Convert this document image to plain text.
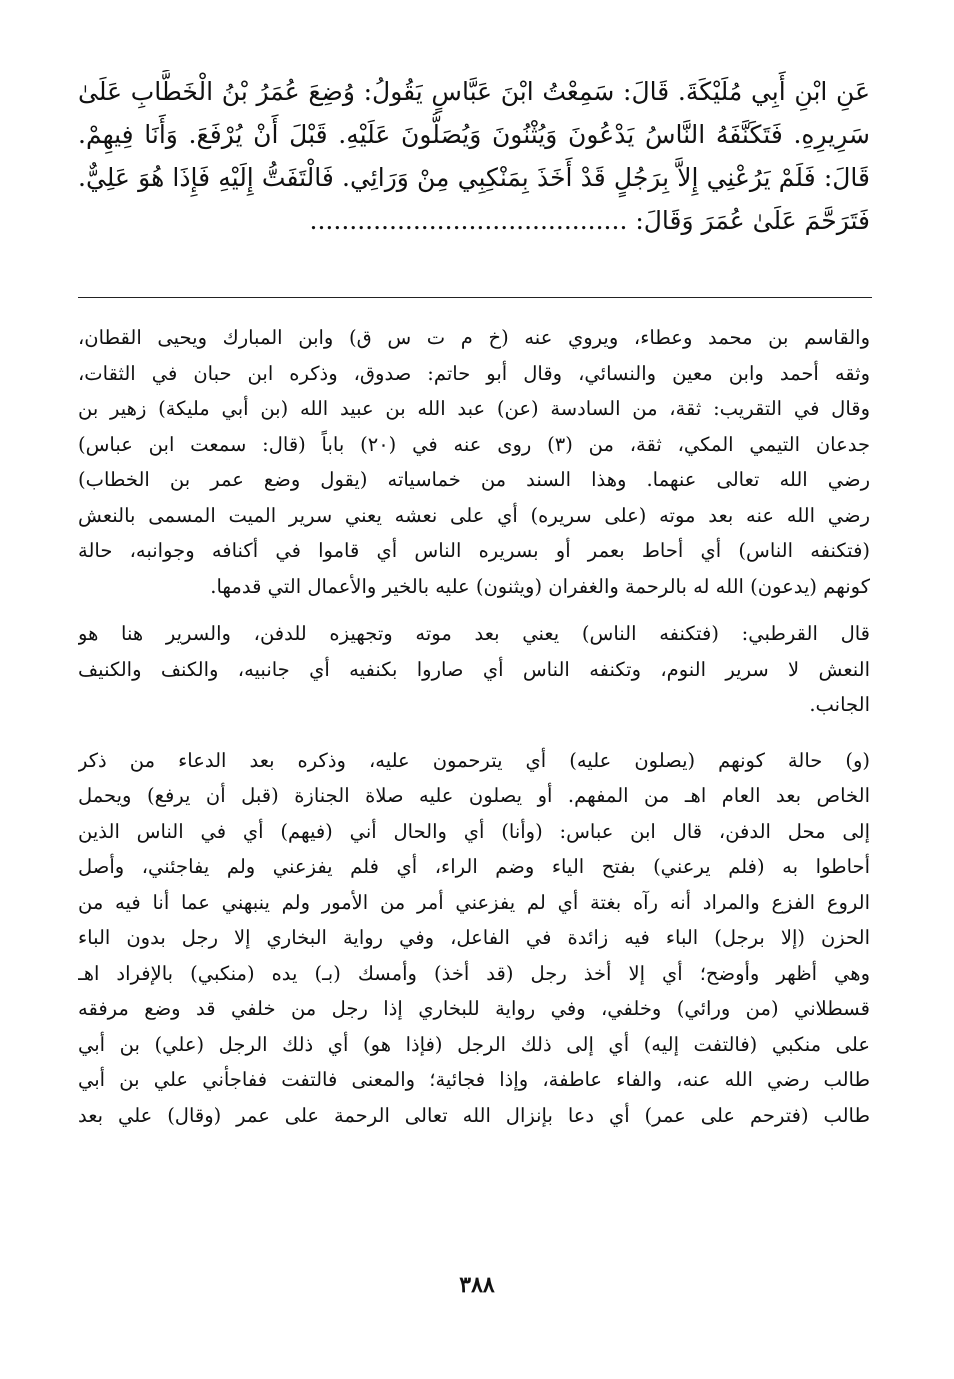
عَنِ ابْنِ أَبِي مُلَيْكَةَ. قَالَ: سَمِعْتُ ابْنَ عَبَّاسٍ يَقُولُ: وُضِعَ عُمَرُ بْنُ الْخَطَّابِ عَلَىٰ
سَرِيرِهِ. فَتَكَنَّفَهُ النَّاسُ يَدْعُونَ وَيُثْنُونَ وَيُصَلُّونَ عَلَيْهِ. قَبْلَ أَنْ يُرْفَعَ. وَأَنَا فِيهِمْ.
قَالَ: فَلَمْ يَرُعْنِي إِلاَّ بِرَجُلٍ قَدْ أَخَذَ بِمَنْكِبِي مِنْ وَرَائِي. فَالْتَفَتُّ إِلَيْهِ فَإِذَا هُوَ عَلِيٌّ.
فَتَرَحَّمَ عَلَىٰ عُمَرَ وَقَالَ: ........................................

والقاسم بن محمد وعطاء، ويروي عنه (خ م ت س ق) وابن المبارك ويحيى القطان،
وثقه أحمد وابن معين والنسائي، وقال أبو حاتم: صدوق، وذكره ابن حبان في الثقات،
وقال في التقريب: ثقة، من السادسة (عن) عبد الله بن عبيد الله (بن أبي مليكة) زهير بن
جدعان التيمي المكي، ثقة، من (٣) روى عنه في (٢٠) باباً (قال: سمعت ابن عباس)
رضي الله تعالى عنهما. وهذا السند من خماسياته (يقول وضع عمر بن الخطاب)
رضي الله عنه بعد موته (على سريره) أي على نعشه يعني سرير الميت المسمى بالنعش
(فتكنفه الناس) أي أحاط بعمر أو بسريره الناس أي قاموا في أكنافه وجوانبه، حالة
كونهم (يدعون) الله له بالرحمة والغفران (ويثنون) عليه بالخير والأعمال التي قدمها.

قال القرطبي: (فتكنفه الناس) يعني بعد موته وتجهيزه للدفن، والسرير هنا هو
النعش لا سرير النوم، وتكنفه الناس أي صاروا بكنفيه أي جانبيه، والكنف والكنيف
الجانب.

(و) حالة كونهم (يصلون عليه) أي يترحمون عليه، وذكره بعد الدعاء من ذكر
الخاص بعد العام اهـ من المفهم. أو يصلون عليه صلاة الجنازة (قبل أن يرفع) ويحمل
إلى محل الدفن، قال ابن عباس: (وأنا) أي والحال أني (فيهم) أي في الناس الذين
أحاطوا به (فلم يرعني) بفتح الياء وضم الراء، أي فلم يفزعني ولم يفاجئني، وأصل
الروع الفزع والمراد أنه رآه بغتة أي لم يفزعني أمر من الأمور ولم ينبهني عما أنا فيه من
الحزن (إلا برجل) الباء فيه زائدة في الفاعل، وفي رواية البخاري إلا رجل بدون الباء
وهي أظهر وأوضح؛ أي إلا أخذ رجل (قد أخذ) وأمسك (بـ) يده (منكبي) بالإفراد اهـ
قسطلاني (من ورائي) وخلفي، وفي رواية للبخاري إذا رجل من خلفي قد وضع مرفقه
على منكبي (فالتفت إليه) أي إلى ذلك الرجل (فإذا هو) أي ذلك الرجل (علي) بن أبي
طالب رضي الله عنه، والفاء عاطفة، وإذا فجائية؛ والمعنى فالتفت ففاجأني علي بن أبي
طالب (فترحم على عمر) أي دعا بإنزال الله تعالى الرحمة على عمر (وقال) علي بعد

٣٨٨
